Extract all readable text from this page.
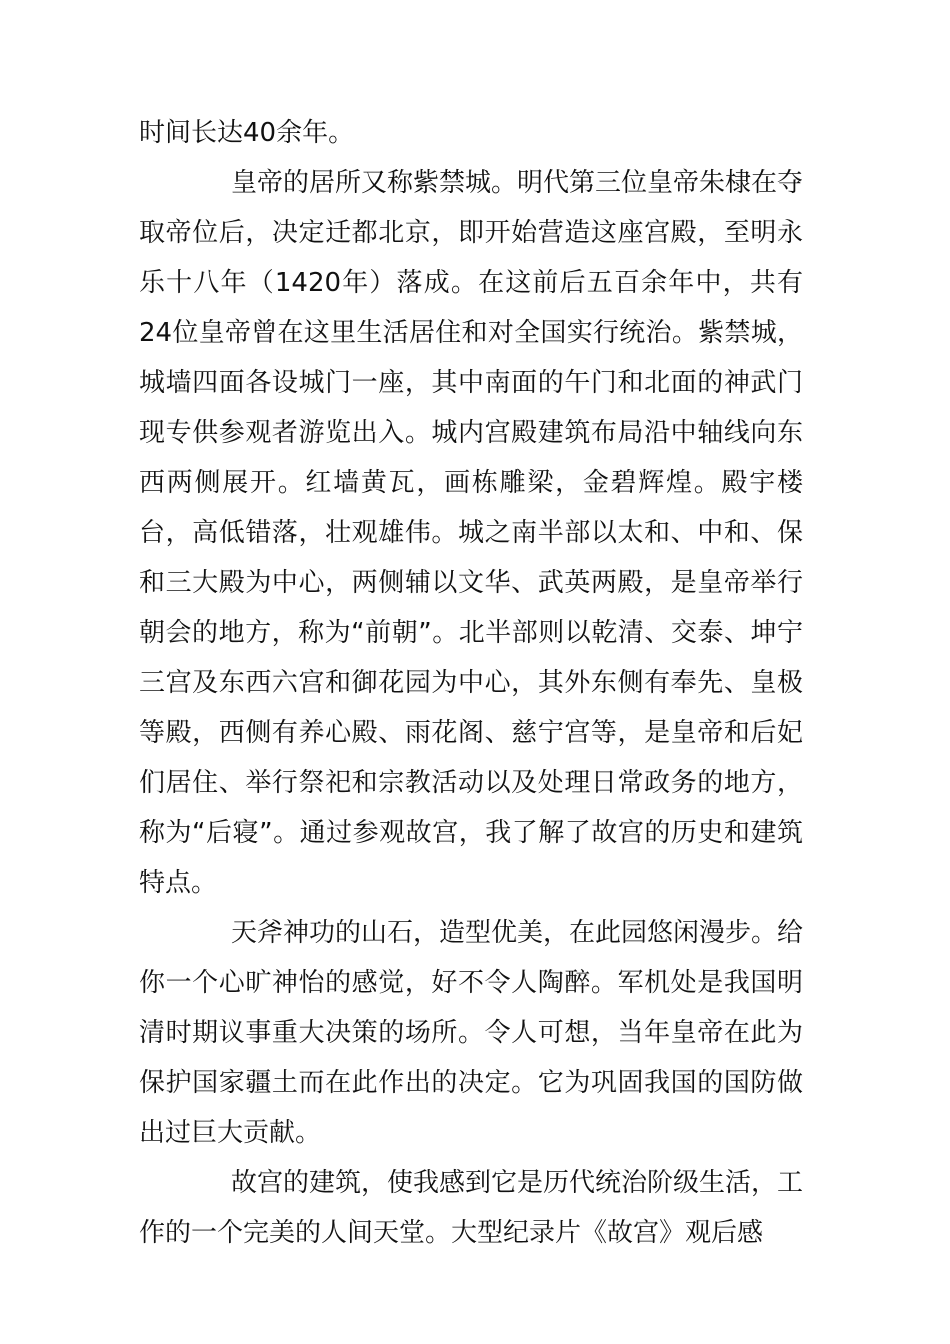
时间长达40余年。

皇帝的居所又称紫禁城。明代第三位皇帝朱棣在夺取帝位后，决定迁都北京，即开始营造这座宫殿，至明永乐十八年（1420年）落成。在这前后五百余年中，共有24位皇帝曾在这里生活居住和对全国实行统治。紫禁城，城墙四面各设城门一座，其中南面的午门和北面的神武门现专供参观者游览出入。城内宫殿建筑布局沿中轴线向东西两侧展开。红墙黄瓦，画栋雕梁，金碧辉煌。殿宇楼台，高低错落，壮观雄伟。城之南半部以太和、中和、保和三大殿为中心，两侧辅以文华、武英两殿，是皇帝举行朝会的地方，称为“前朝”。北半部则以乾清、交泰、坤宁三宫及东西六宫和御花园为中心，其外东侧有奉先、皇极等殿，西侧有养心殿、雨花阁、慈宁宫等，是皇帝和后妃们居住、举行祭祀和宗教活动以及处理日常政务的地方，称为“后寝”。通过参观故宫，我了解了故宫的历史和建筑特点。

天斧神功的山石，造型优美，在此园悠闲漫步。给你一个心旷神怡的感觉，好不令人陶醉。军机处是我国明清时期议事重大决策的场所。令人可想，当年皇帝在此为保护国家疆土而在此作出的决定。它为巩固我国的国防做出过巨大贡献。

故宫的建筑，使我感到它是历代统治阶级生活，工作的一个完美的人间天堂。大型纪录片《故宫》观后感
